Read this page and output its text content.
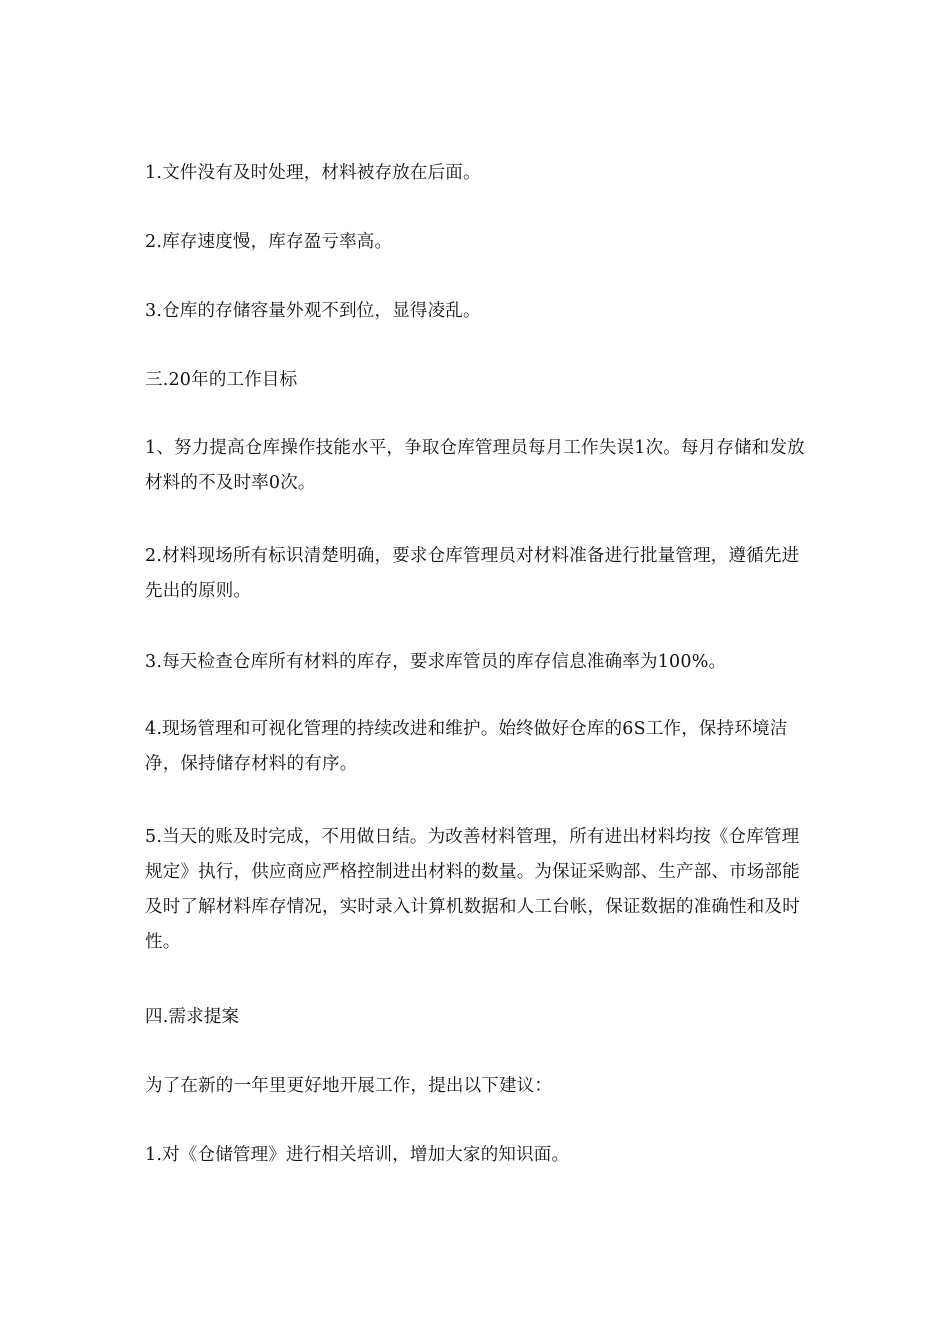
1.文件没有及时处理，材料被存放在后面。

2.库存速度慢，库存盈亏率高。

3.仓库的存储容量外观不到位，显得凌乱。

三.20年的工作目标

1、努力提高仓库操作技能水平，争取仓库管理员每月工作失误1次。每月存储和发放材料的不及时率0次。

2.材料现场所有标识清楚明确，要求仓库管理员对材料准备进行批量管理，遵循先进先出的原则。

3.每天检查仓库所有材料的库存，要求库管员的库存信息准确率为100%。

4.现场管理和可视化管理的持续改进和维护。始终做好仓库的6S工作，保持环境洁净，保持储存材料的有序。

5.当天的账及时完成，不用做日结。为改善材料管理，所有进出材料均按《仓库管理规定》执行，供应商应严格控制进出材料的数量。为保证采购部、生产部、市场部能及时了解材料库存情况，实时录入计算机数据和人工台帐，保证数据的准确性和及时性。

四.需求提案

为了在新的一年里更好地开展工作，提出以下建议：

1.对《仓储管理》进行相关培训，增加大家的知识面。
